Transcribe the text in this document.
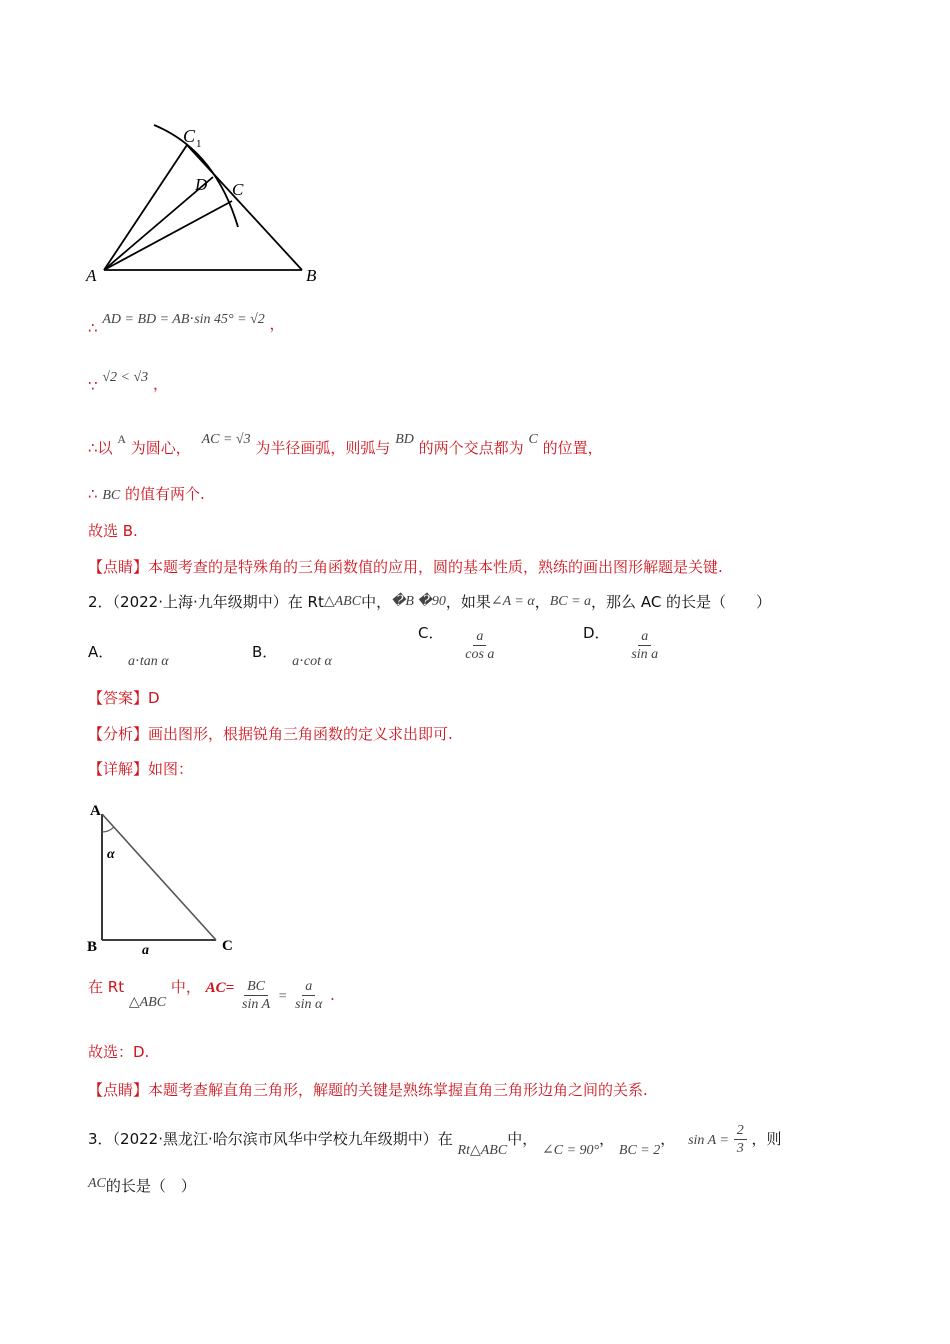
C 1
D C
A	B
∴ AD = BD = AB⋅sin 45° = √2 ，
∵ √2 < √3 ，
∴以 A 为圆心， AC = √3 为半径画弧，则弧与 BD 的两个交点都为 C 的位置，
∴ BC 的值有两个.
故选 B.
【点睛】本题考查的是特殊角的三角函数值的应用，圆的基本性质，熟练的画出图形解题是关键.
2．（2022·上海·九年级期中）在 Rt△ABC中，�B �90，如果∠A = α，BC = a，那么 AC 的长是（　　）
A． a⋅tan α
B． a⋅cot α
C． $\frac{a}{\text{cos a}}$	D． $\frac{a}{\text{sin a}}$
【答案】D
【分析】画出图形，根据锐角三角函数的定义求出即可.
【详解】如图：
A
α
B	a	C
在 Rt △ABC 中， $AC= \frac{BC}{\text{sin A}} = \frac{a}{\text{sin α}}$ .
故选：D.
【点睛】本题考查解直角三角形，解题的关键是熟练掌握直角三角形边角之间的关系.
3．（2022·黑龙江·哈尔滨市风华中学校九年级期中）在 Rt△ABC中， ∠C = 90°， BC = 2， $\sin A = \frac{2}{3}$ ，则
AC的长是（　）
